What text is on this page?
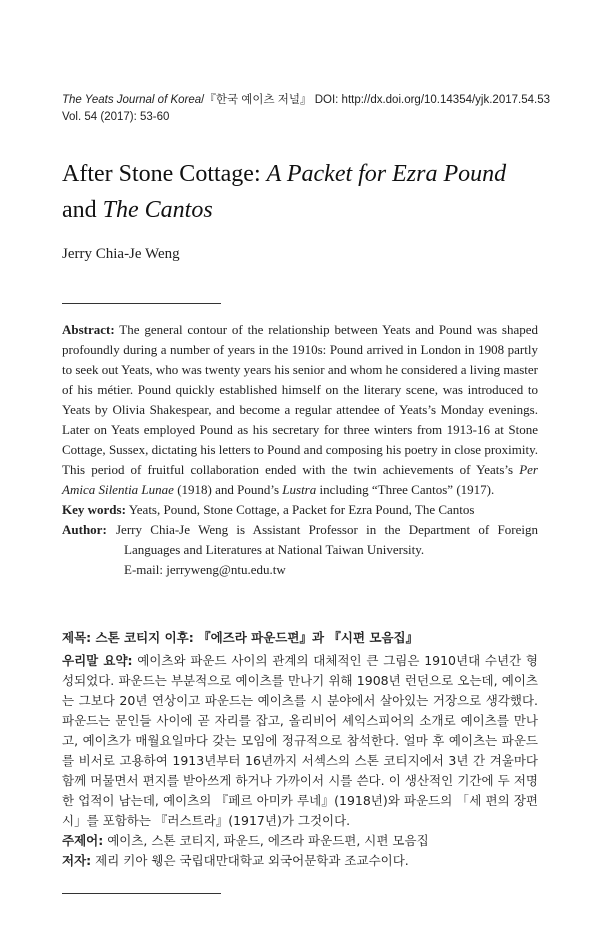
The Yeats Journal of Korea/『한국 예이츠 저널』 DOI: http://dx.doi.org/10.14354/yjk.2017.54.53
Vol. 54 (2017): 53-60
After Stone Cottage: A Packet for Ezra Pound
and The Cantos
Jerry Chia-Je Weng

Abstract: The general contour of the relationship between Yeats and Pound was shaped profoundly during a number of years in the 1910s: Pound arrived in London in 1908 partly to seek out Yeats, who was twenty years his senior and whom he considered a living master of his métier. Pound quickly established himself on the literary scene, was introduced to Yeats by Olivia Shakespear, and become a regular attendee of Yeats’s Monday evenings. Later on Yeats employed Pound as his secretary for three winters from 1913-16 at Stone Cottage, Sussex, dictating his letters to Pound and composing his poetry in close proximity. This period of fruitful collaboration ended with the twin achievements of Yeats’s Per Amica Silentia Lunae (1918) and Pound’s Lustra including “Three Cantos” (1917).

Key words: Yeats, Pound, Stone Cottage, a Packet for Ezra Pound, The Cantos

Author: Jerry Chia-Je Weng is Assistant Professor in the Department of Foreign Languages and Literatures at National Taiwan University.
E-mail: jerryweng@ntu.edu.tw

제목: 스톤 코티지 이후: 『에즈라 파운드편』과 『시편 모음집』

우리말 요약: 예이츠와 파운드 사이의 관계의 대체적인 큰 그림은 1910년대 수년간 형성되었다. 파운드는 부분적으로 예이츠를 만나기 위해 1908년 런던으로 오는데, 예이츠는 그보다 20년 연상이고 파운드는 예이츠를 시 분야에서 살아있는 거장으로 생각했다. 파운드는 문인들 사이에 곧 자리를 잡고, 올리비어 셰익스피어의 소개로 예이츠를 만나고, 예이츠가 매월요일마다 갖는 모임에 정규적으로 참석한다. 얼마 후 예이츠는 파운드를 비서로 고용하여 1913년부터 16년까지 서섹스의 스톤 코티지에서 3년 간 겨울마다 함께 머물면서 편지를 받아쓰게 하거나 가까이서 시를 쓴다. 이 생산적인 기간에 두 저명한 업적이 남는데, 예이츠의 『페르 아미카 루네』(1918년)와 파운드의 「세 편의 장편시」를 포함하는 『러스트라』(1917년)가 그것이다.

주제어: 예이츠, 스톤 코티지, 파운드, 에즈라 파운드편, 시편 모음집

저자: 제리 키아 웽은 국립대만대학교 외국어문학과 조교수이다.
